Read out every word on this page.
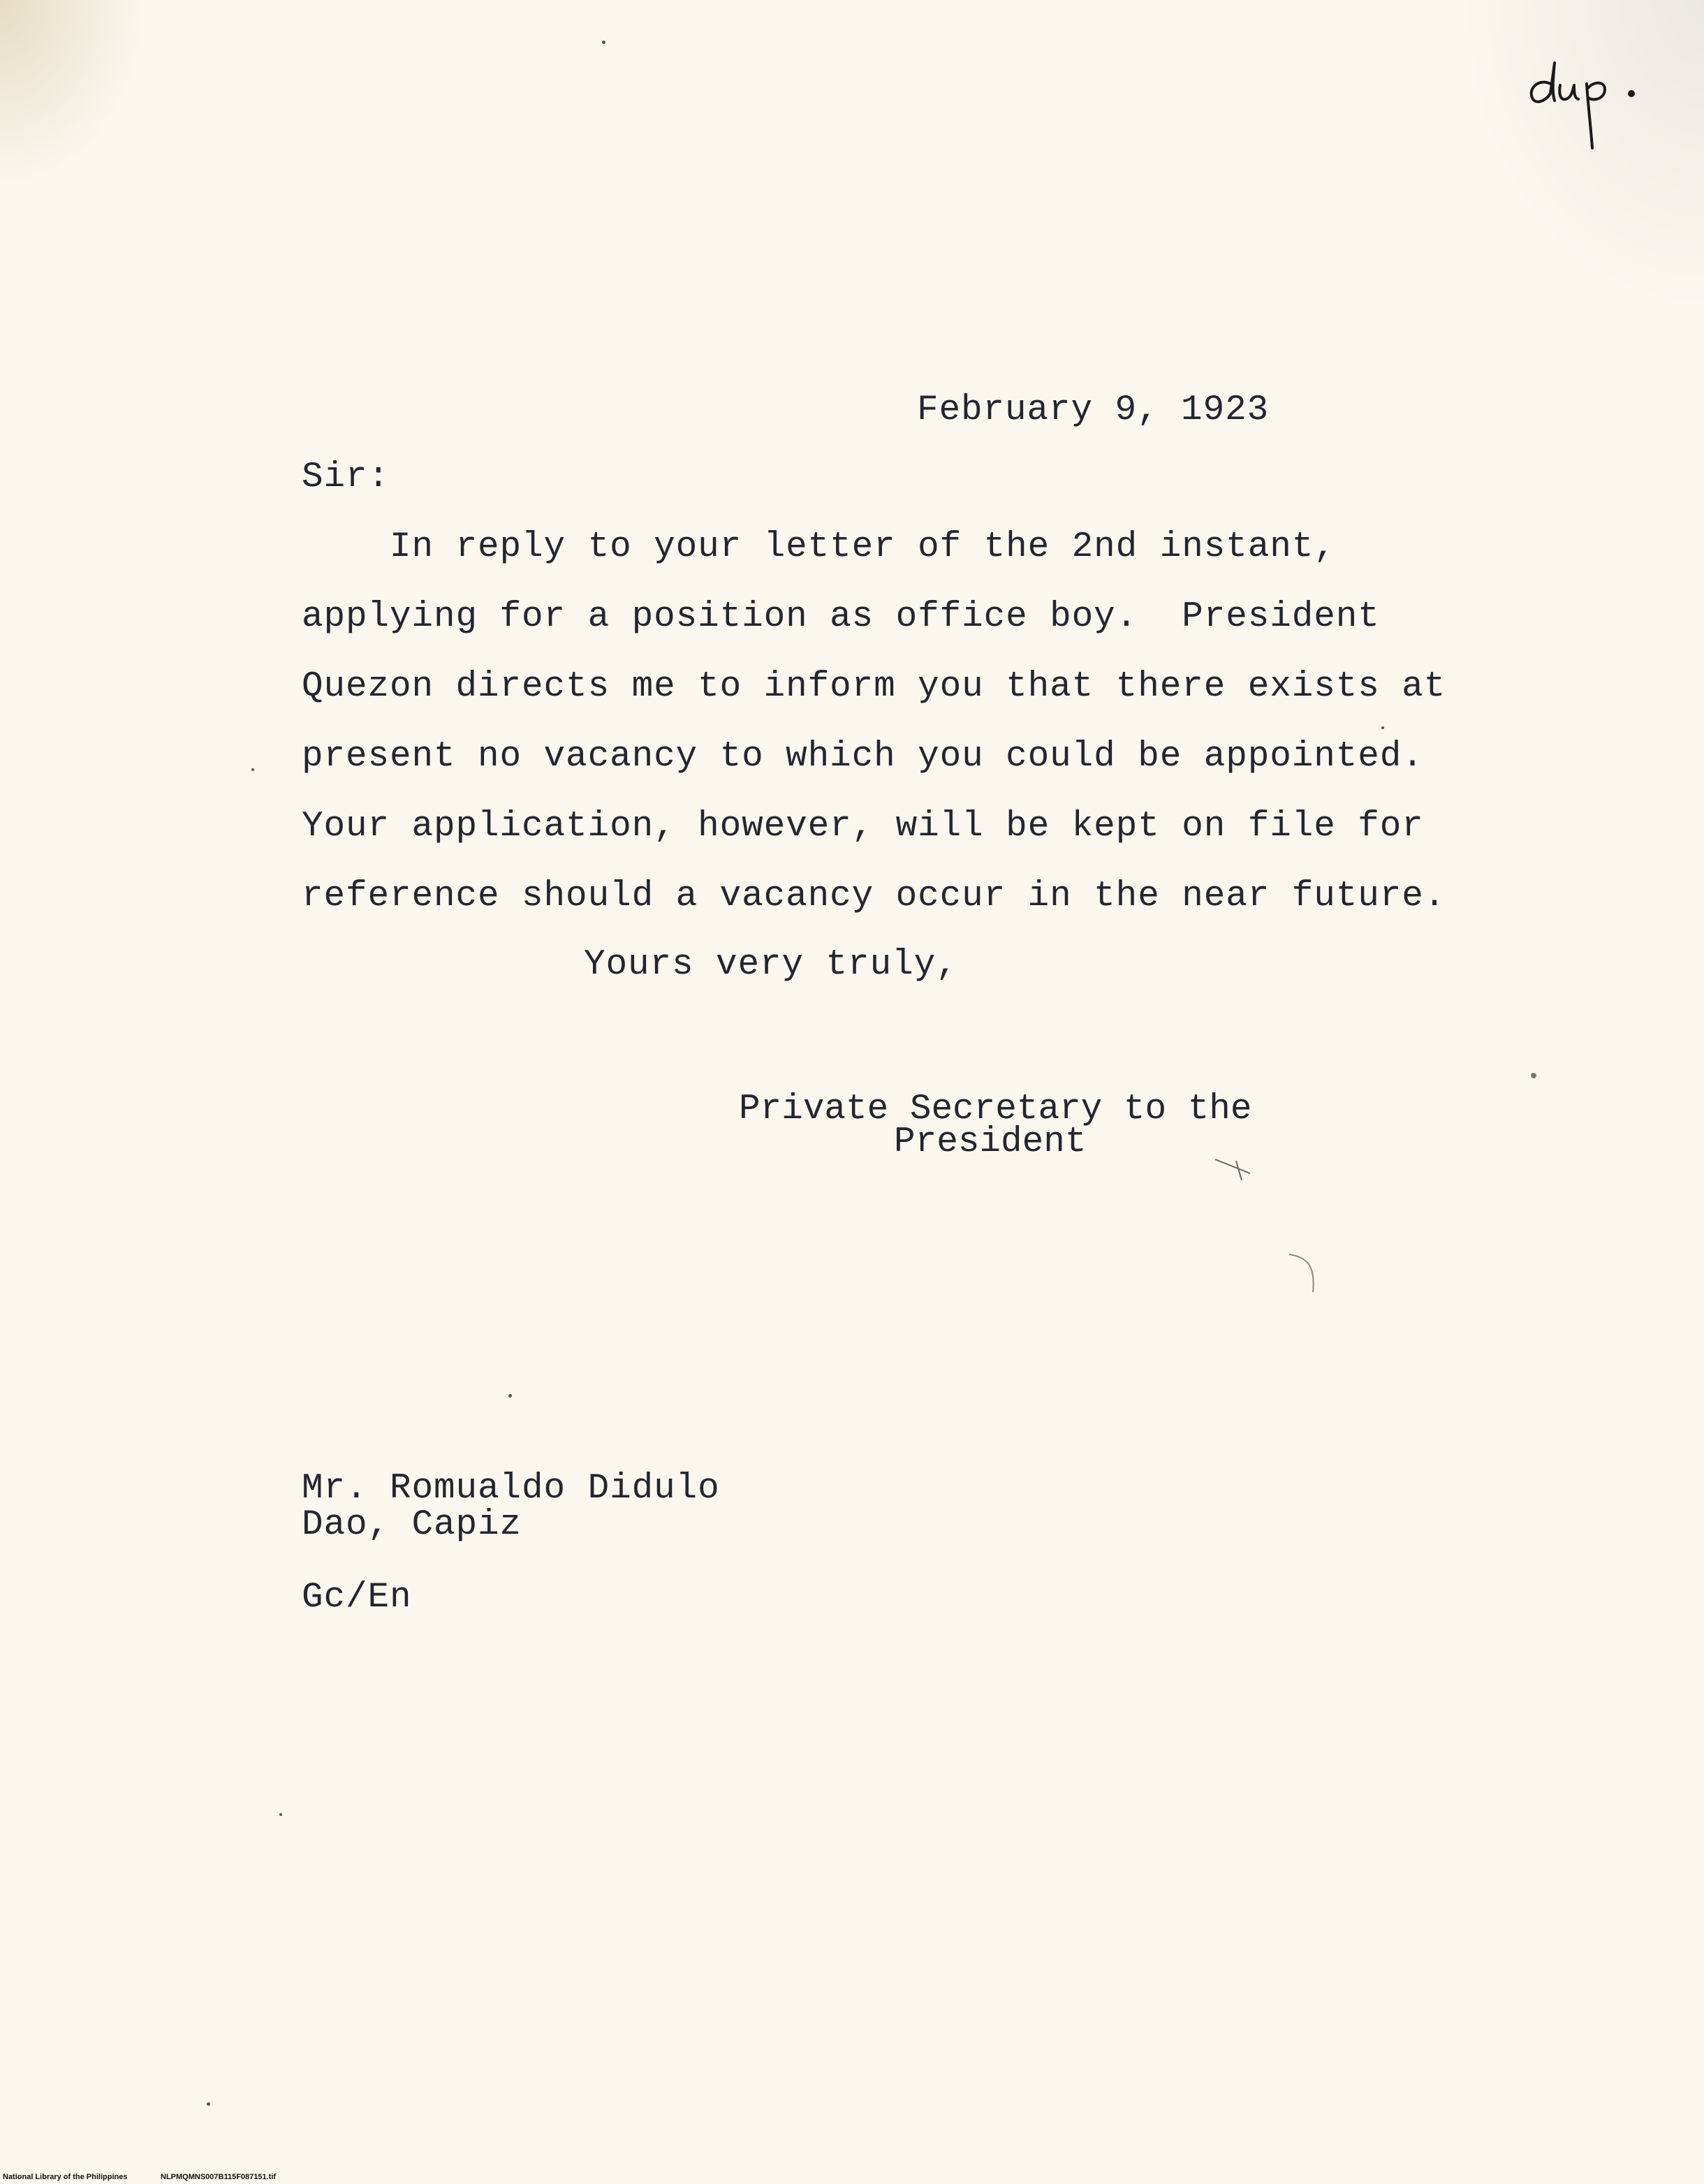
February 9, 1923
Sir:
In reply to your letter of the 2nd instant,
applying for a position as office boy.  President
Quezon directs me to inform you that there exists at
present no vacancy to which you could be appointed.
Your application, however, will be kept on file for
reference should a vacancy occur in the near future.
Yours very truly,
Private Secretary to the
President
Mr. Romualdo Didulo
Dao, Capiz
Gc/En
National Library of the Philippines	NLPMQMNS007B115F087151.tif
